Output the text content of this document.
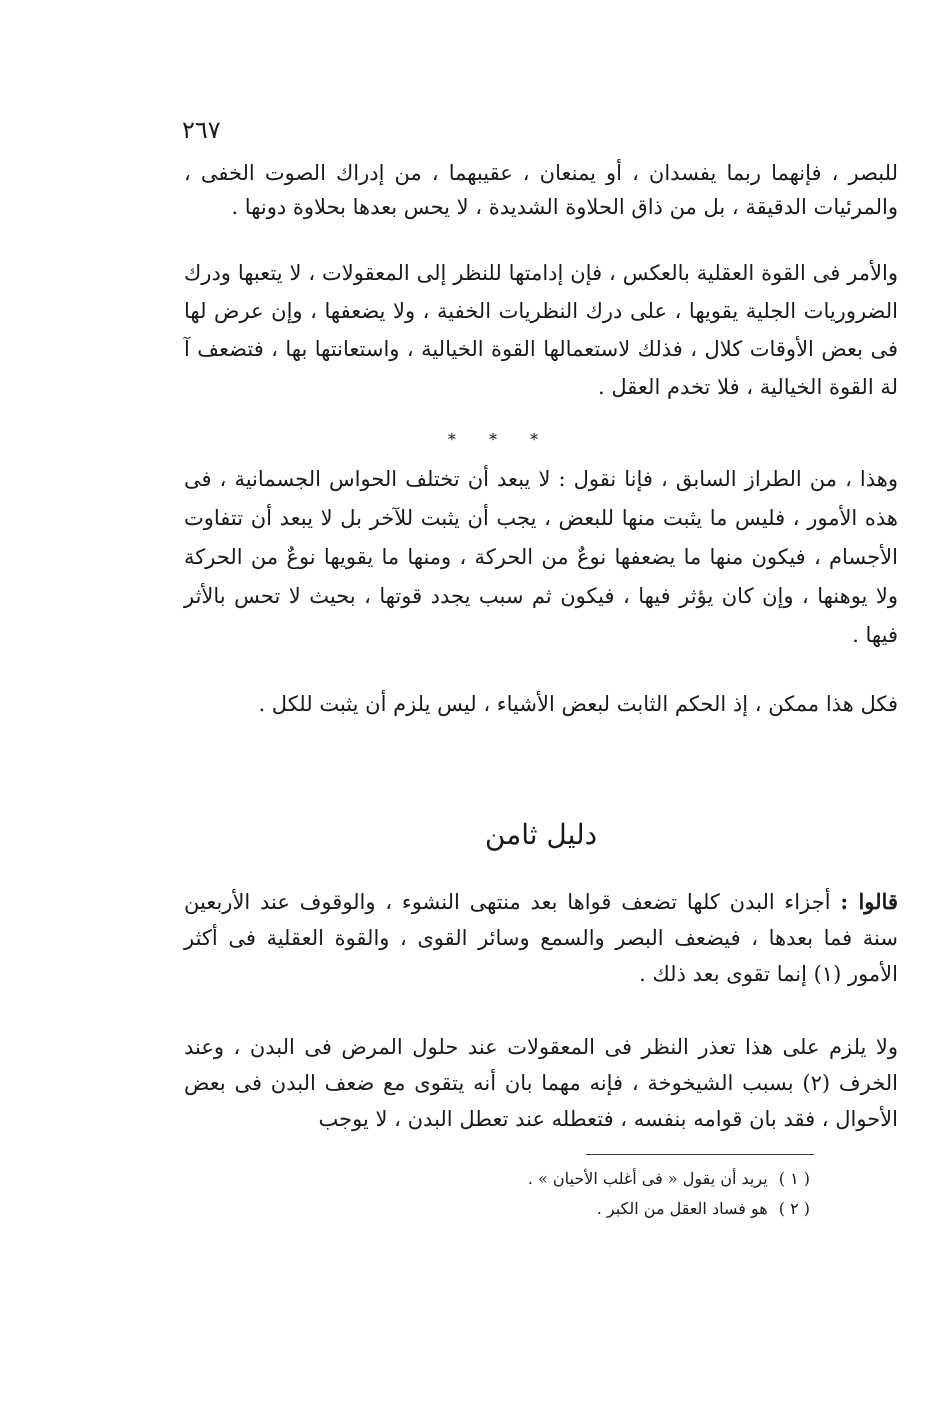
٢٦٧

للبصر ، فإنهما ربما يفسدان ، أو يمنعان ، عقيبهما ، من إدراك الصوت الخفى ، والمرئيات الدقيقة ، بل من ذاق الحلاوة الشديدة ، لا يحس بعدها بحلاوة دونها .

والأمر فى القوة العقلية بالعكس ، فإن إدامتها للنظر إلى المعقولات ، لا يتعبها ودرك الضروريات الجلية يقويها ، على درك النظريات الخفية ، ولا يضعفها ، وإن عرض لها فى بعض الأوقات كلال ، فذلك لاستعمالها القوة الخيالية ، واستعانتها بها ، فتضعف آ لة القوة الخيالية ، فلا تخدم العقل .

* * *

وهذا ، من الطراز السابق ، فإنا نقول : لا يبعد أن تختلف الحواس الجسمانية ، فى هذه الأمور ، فليس ما يثبت منها للبعض ، يجب أن يثبت للآخر بل لا يبعد أن تتفاوت الأجسام ، فيكون منها ما يضعفها نوعٌ من الحركة ، ومنها ما يقويها نوعٌ من الحركة ولا يوهنها ، وإن كان يؤثر فيها ، فيكون ثم سبب يجدد قوتها ، بحيث لا تحس بالأثر فيها .

فكل هذا ممكن ، إذ الحكم الثابت لبعض الأشياء ، ليس يلزم أن يثبت للكل .

دليل ثامن

قالوا : أجزاء البدن كلها تضعف قواها بعد منتهى النشوء ، والوقوف عند الأربعين سنة فما بعدها ، فيضعف البصر والسمع وسائر القوى ، والقوة العقلية فى أكثر الأمور (١) إنما تقوى بعد ذلك .

ولا يلزم على هذا تعذر النظر فى المعقولات عند حلول المرض فى البدن ، وعند الخرف (٢) بسبب الشيخوخة ، فإنه مهما بان أنه يتقوى مع ضعف البدن فى بعض الأحوال ، فقد بان قوامه بنفسه ، فتعطله عند تعطل البدن ، لا يوجب

( ١ ) يريد أن يقول « فى أغلب الأحيان » .
( ٢ ) هو فساد العقل من الكبر .
